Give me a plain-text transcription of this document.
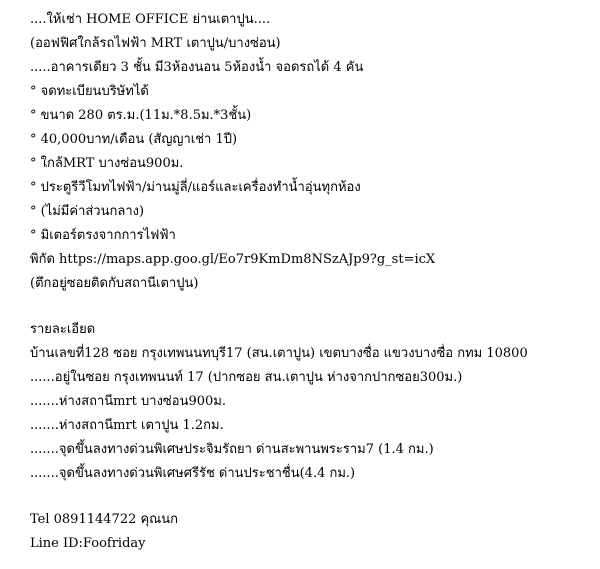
....ให้เช่า HOME OFFICE ย่านเตาปูน....
(ออฟฟิศใกล้รถไฟฟ้า MRT เตาปูน/บางซ่อน)
.....อาคารเดียว 3 ชั้น มี3ห้องนอน 5ห้องน้ำ จอดรถได้ 4 คัน
° จดทะเบียนบริษัทได้
° ขนาด 280 ตร.ม.(11ม.*8.5ม.*3ชั้น)
° 40,000บาท/เดือน (สัญญาเช่า 1ปี)
° ใกล้MRT บางซ่อน900ม.
° ประตูรีวีโมทไฟฟ้า/ม่านมู่ลี่/แอร์และเครื่องทำน้ำอุ่นทุกห้อง
° (ไม่มีค่าส่วนกลาง)
° มิเตอร์ตรงจากการไฟฟ้า
พิกัด https://maps.app.goo.gl/Eo7r9KmDm8NSzAJp9?g_st=icX
(ตึกอยู่ซอยติดกับสถานีเตาปูน)
รายละเอียด
บ้านเลขที่128 ซอย กรุงเทพนนทบุรี17 (สน.เตาปูน) เขตบางซื่อ แขวงบางซื่อ กทม 10800
......อยู่ในซอย กรุงเทพนนท์ 17 (ปากซอย สน.เตาปูน ห่างจากปากซอย300ม.)
.......ห่างสถานีmrt บางซ่อน900ม.
.......ห่างสถานีmrt เตาปูน 1.2กม.
.......จุดขึ้นลงทางด่วนพิเศษประจิมรัถยา ด่านสะพานพระราม7 (1.4 กม.)
.......จุดขึ้นลงทางด่วนพิเศษศรีรัช ด่านประชาชื่น(4.4 กม.)
Tel 0891144722 คุณนก
Line ID:Foofriday
